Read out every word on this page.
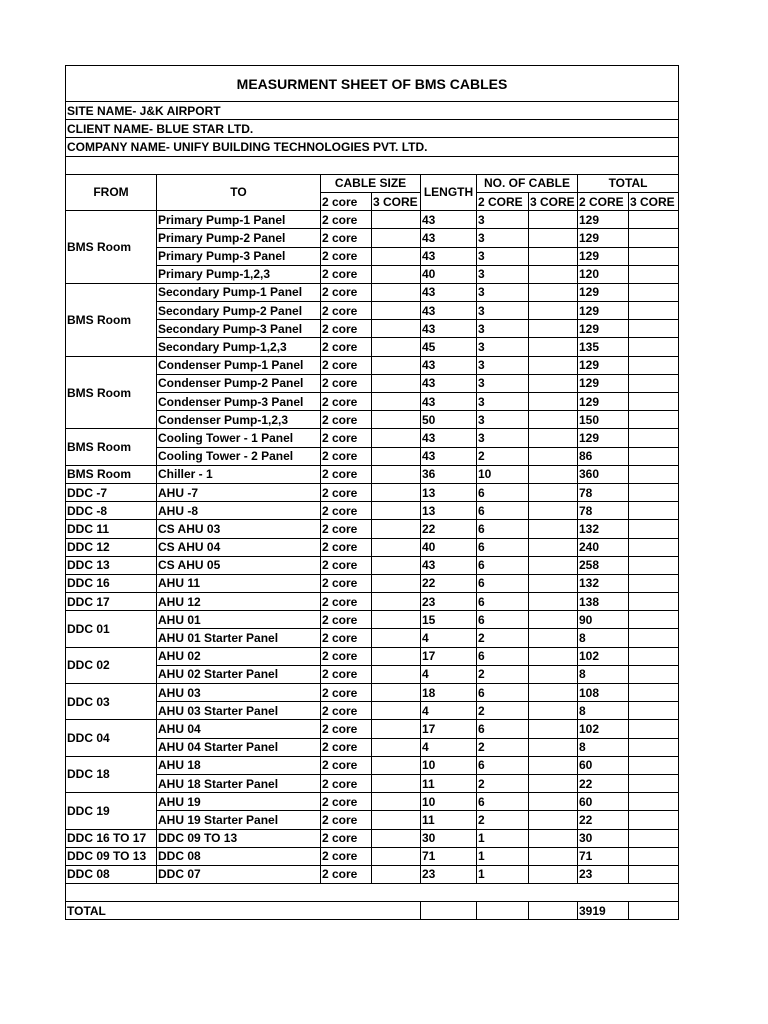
MEASURMENT SHEET OF BMS CABLES								
SITE NAME- J&K AIRPORT								
CLIENT NAME- BLUE STAR LTD.								
COMPANY NAME- UNIFY BUILDING TECHNOLOGIES PVT. LTD.								

FROM	TO	CABLE SIZE		LENGTH	NO. OF CABLE		TOTAL	
		2 core	3 CORE		2 CORE	3 CORE	2 CORE	3 CORE
BMS Room	Primary Pump-1 Panel	2 core		43	3		129	
	Primary Pump-2 Panel	2 core		43	3		129	
	Primary Pump-3 Panel	2 core		43	3		129	
	Primary Pump-1,2,3	2 core		40	3		120	
BMS Room	Secondary Pump-1 Panel	2 core		43	3		129	
	Secondary Pump-2 Panel	2 core		43	3		129	
	Secondary Pump-3 Panel	2 core		43	3		129	
	Secondary Pump-1,2,3	2 core		45	3		135	
BMS Room	Condenser Pump-1 Panel	2 core		43	3		129	
	Condenser Pump-2 Panel	2 core		43	3		129	
	Condenser Pump-3 Panel	2 core		43	3		129	
	Condenser Pump-1,2,3	2 core		50	3		150	
BMS Room	Cooling Tower - 1 Panel	2 core		43	3		129	
	Cooling Tower - 2 Panel	2 core		43	2		86	
BMS Room	Chiller - 1	2 core		36	10		360	
DDC -7	AHU -7	2 core		13	6		78	
DDC -8	AHU -8	2 core		13	6		78	
DDC 11	CS AHU 03	2 core		22	6		132	
DDC 12	CS AHU 04	2 core		40	6		240	
DDC 13	CS AHU 05	2 core		43	6		258	
DDC 16	AHU 11	2 core		22	6		132	
DDC 17	AHU 12	2 core		23	6		138	
DDC 01	AHU 01	2 core		15	6		90	
	AHU 01 Starter Panel	2 core		4	2		8	
DDC 02	AHU 02	2 core		17	6		102	
	AHU 02 Starter Panel	2 core		4	2		8	
DDC 03	AHU 03	2 core		18	6		108	
	AHU 03 Starter Panel	2 core		4	2		8	
DDC 04	AHU 04	2 core		17	6		102	
	AHU 04 Starter Panel	2 core		4	2		8	
DDC 18	AHU 18	2 core		10	6		60	
	AHU 18 Starter Panel	2 core		11	2		22	
DDC 19	AHU 19	2 core		10	6		60	
	AHU 19 Starter Panel	2 core		11	2		22	
DDC 16 TO 17	DDC 09 TO 13	2 core		30	1		30	
DDC 09 TO 13	DDC 08	2 core		71	1		71	
DDC 08	DDC 07	2 core		23	1		23	

TOTAL							3919	
